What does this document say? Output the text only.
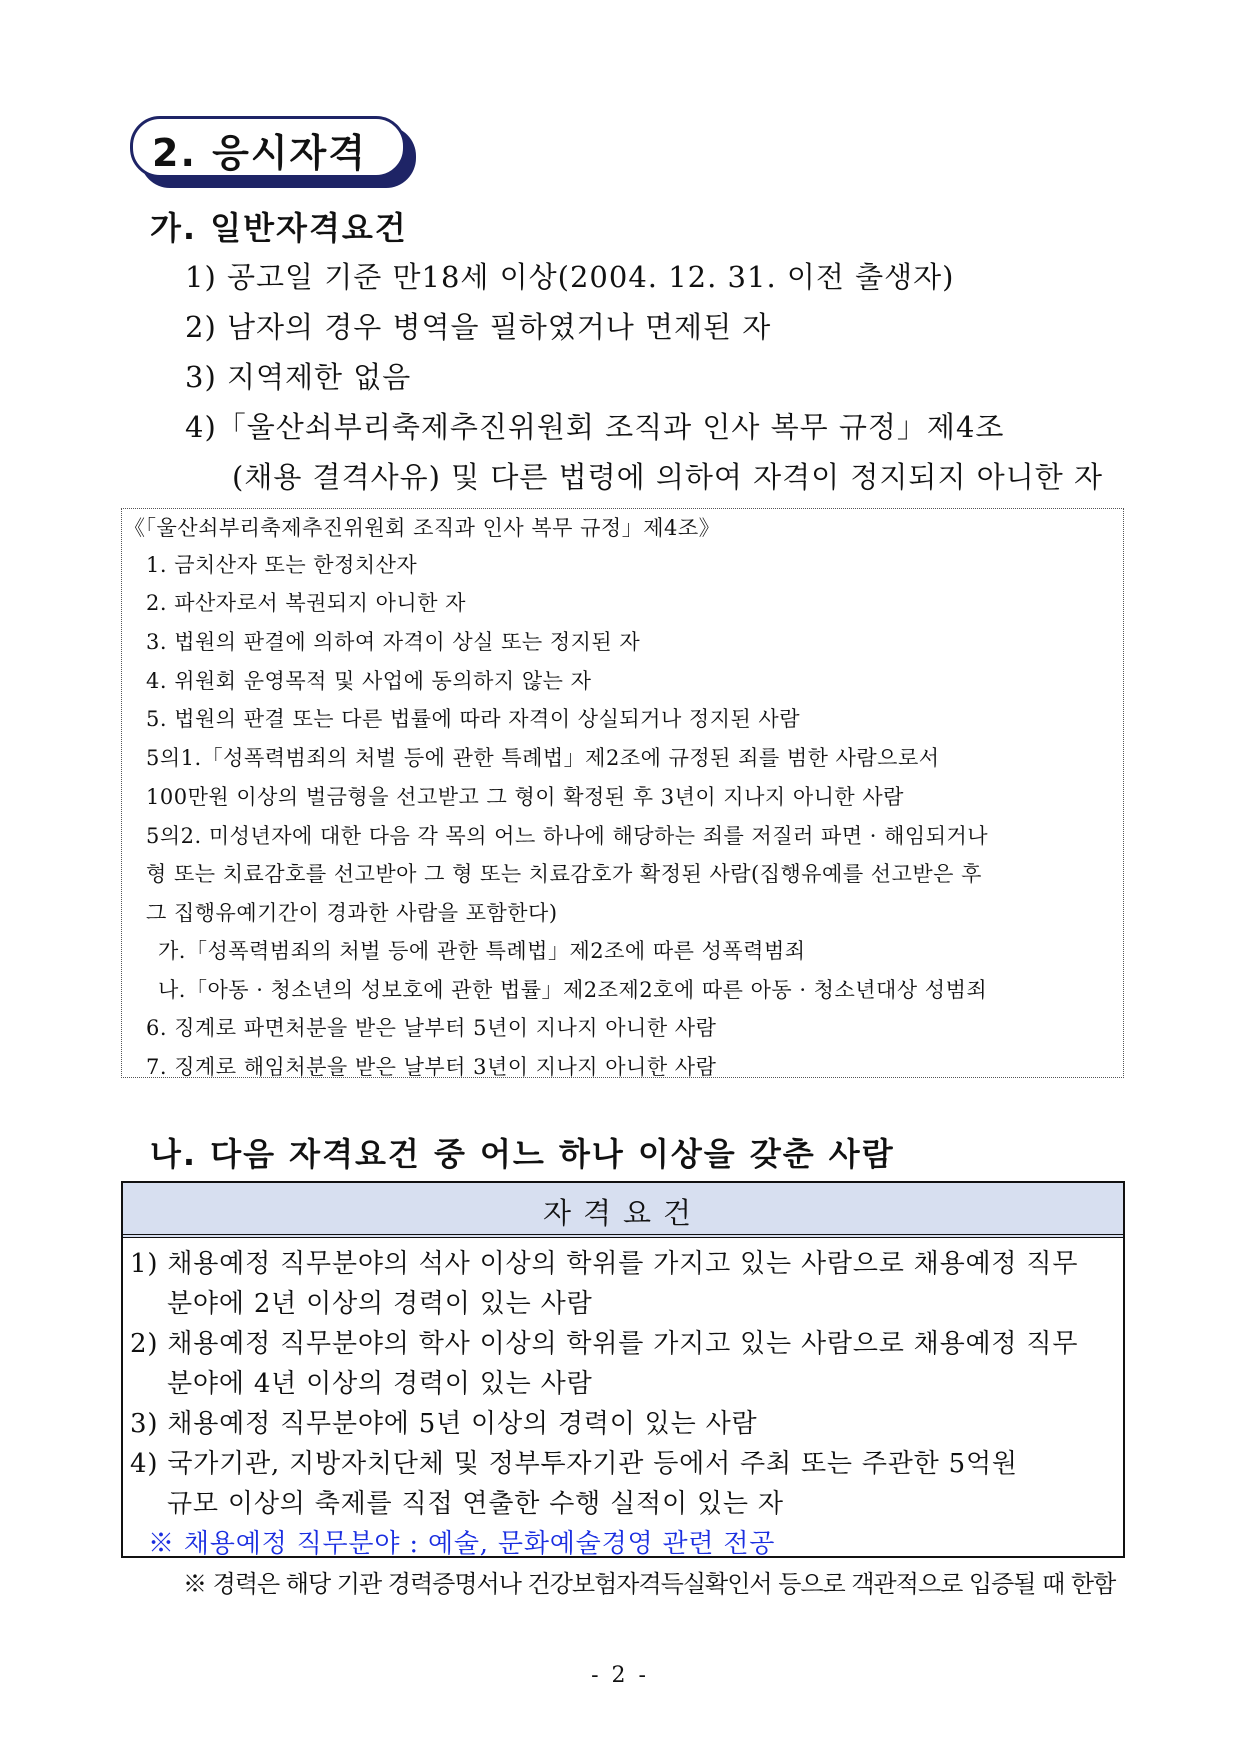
2. 응시자격
가. 일반자격요건
1) 공고일 기준 만18세 이상(2004. 12. 31. 이전 출생자)
2) 남자의 경우 병역을 필하였거나 면제된 자
3) 지역제한 없음
4)「울산쇠부리축제추진위원회 조직과 인사 복무 규정」제4조
(채용 결격사유) 및 다른 법령에 의하여 자격이 정지되지 아니한 자
《「울산쇠부리축제추진위원회 조직과 인사 복무 규정」제4조》
1. 금치산자 또는 한정치산자
2. 파산자로서 복권되지 아니한 자
3. 법원의 판결에 의하여 자격이 상실 또는 정지된 자
4. 위원회 운영목적 및 사업에 동의하지 않는 자
5. 법원의 판결 또는 다른 법률에 따라 자격이 상실되거나 정지된 사람
5의1.「성폭력범죄의 처벌 등에 관한 특례법」제2조에 규정된 죄를 범한 사람으로서
100만원 이상의 벌금형을 선고받고 그 형이 확정된 후 3년이 지나지 아니한 사람
5의2. 미성년자에 대한 다음 각 목의 어느 하나에 해당하는 죄를 저질러 파면 · 해임되거나
형 또는 치료감호를 선고받아 그 형 또는 치료감호가 확정된 사람(집행유예를 선고받은 후
그 집행유예기간이 경과한 사람을 포함한다)
가.「성폭력범죄의 처벌 등에 관한 특례법」제2조에 따른 성폭력범죄
나.「아동 · 청소년의 성보호에 관한 법률」제2조제2호에 따른 아동 · 청소년대상 성범죄
6. 징계로 파면처분을 받은 날부터 5년이 지나지 아니한 사람
7. 징계로 해임처분을 받은 날부터 3년이 지나지 아니한 사람
나. 다음 자격요건 중 어느 하나 이상을 갖춘 사람
자격요건
1) 채용예정 직무분야의 석사 이상의 학위를 가지고 있는 사람으로 채용예정 직무
분야에 2년 이상의 경력이 있는 사람
2) 채용예정 직무분야의 학사 이상의 학위를 가지고 있는 사람으로 채용예정 직무
분야에 4년 이상의 경력이 있는 사람
3) 채용예정 직무분야에 5년 이상의 경력이 있는 사람
4) 국가기관, 지방자치단체 및 정부투자기관 등에서 주최 또는 주관한 5억원
규모 이상의 축제를 직접 연출한 수행 실적이 있는 자
※ 채용예정 직무분야 : 예술, 문화예술경영 관련 전공
※ 경력은 해당 기관 경력증명서나 건강보험자격득실확인서 등으로 객관적으로 입증될 때 한함
- 2 -
